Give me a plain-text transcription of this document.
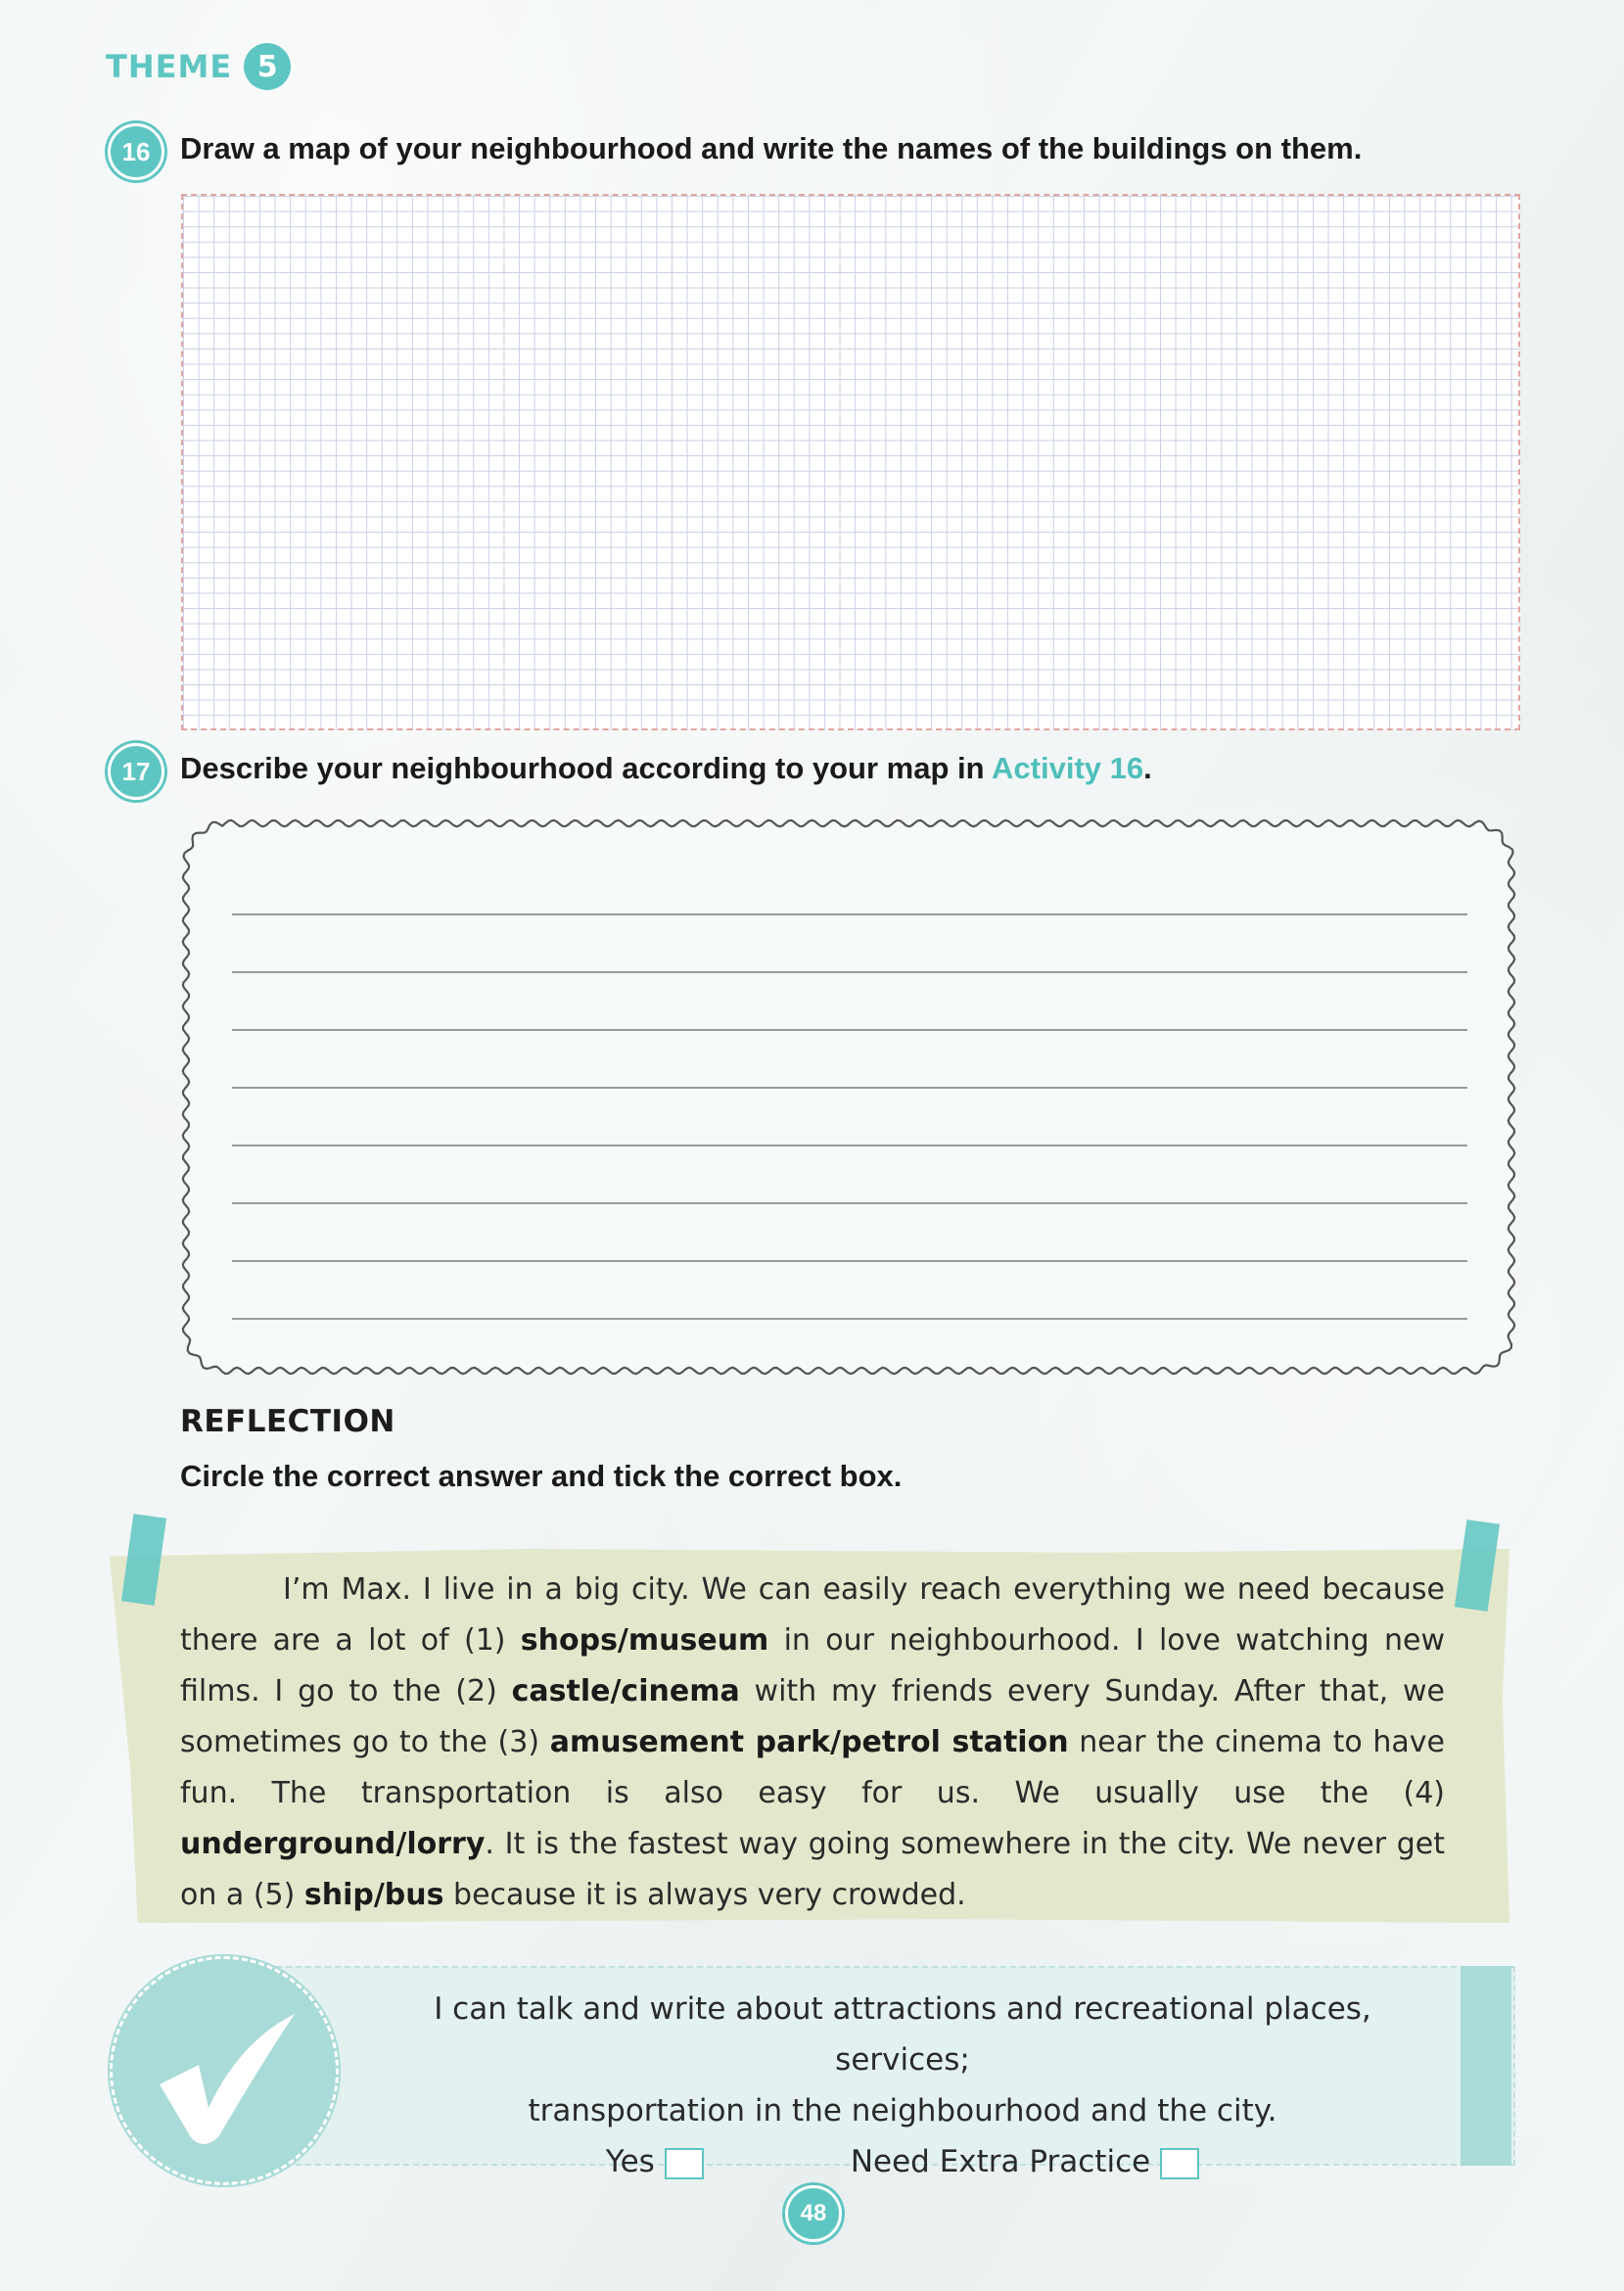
THEME 5
16 Draw a map of your neighbourhood and write the names of the buildings on them.
17 Describe your neighbourhood according to your map in Activity 16.
REFLECTION
Circle the correct answer and tick the correct box.
I’m Max. I live in a big city. We can easily reach everything we need because there are a lot of (1) shops/museum in our neighbourhood. I love watching new films. I go to the (2) castle/cinema with my friends every Sunday. After that, we sometimes go to the (3) amusement park/petrol station near the cinema to have fun. The transportation is also easy for us. We usually use the (4) underground/lorry. It is the fastest way going somewhere in the city. We never get on a (5) ship/bus because it is always very crowded.
I can talk and write about attractions and recreational places, services;
transportation in the neighbourhood and the city.
Yes	Need Extra Practice
48
